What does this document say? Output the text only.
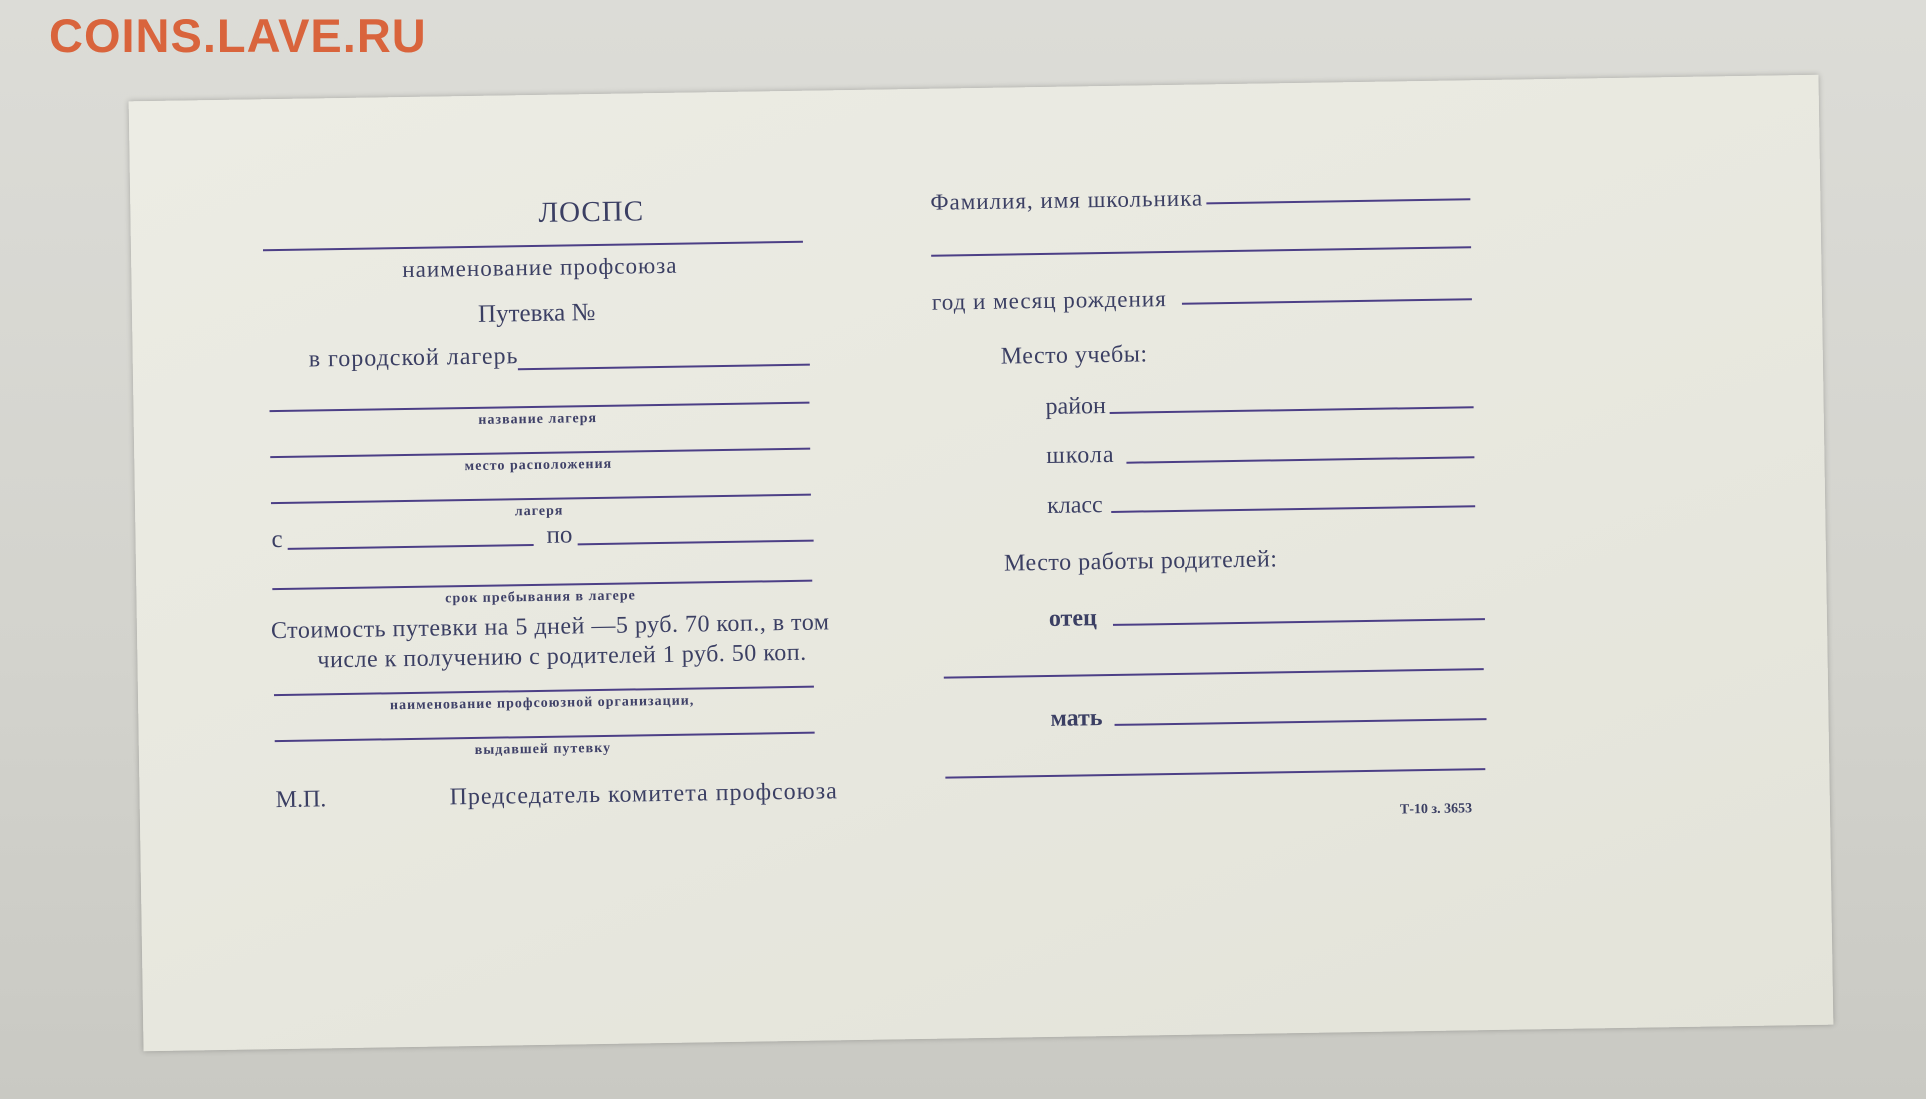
COINS.LAVE.RU
ЛОСПС
наименование профсоюза
Путевка №
в городской лагерь
название лагеря
место расположения
лагеря
с	по
срок пребывания в лагере
Стоимость путевки на 5 дней —5 руб. 70 коп., в том
числе к получению с родителей 1 руб. 50 коп.
наименование профсоюзной организации,
выдавшей путевку
М.П.	Председатель комитета профсоюза
Фамилия, имя школьника
год и месяц рождения
Место учебы:
район
школа
класс
Место работы родителей:
отец
мать
Т-10 з. 3653
